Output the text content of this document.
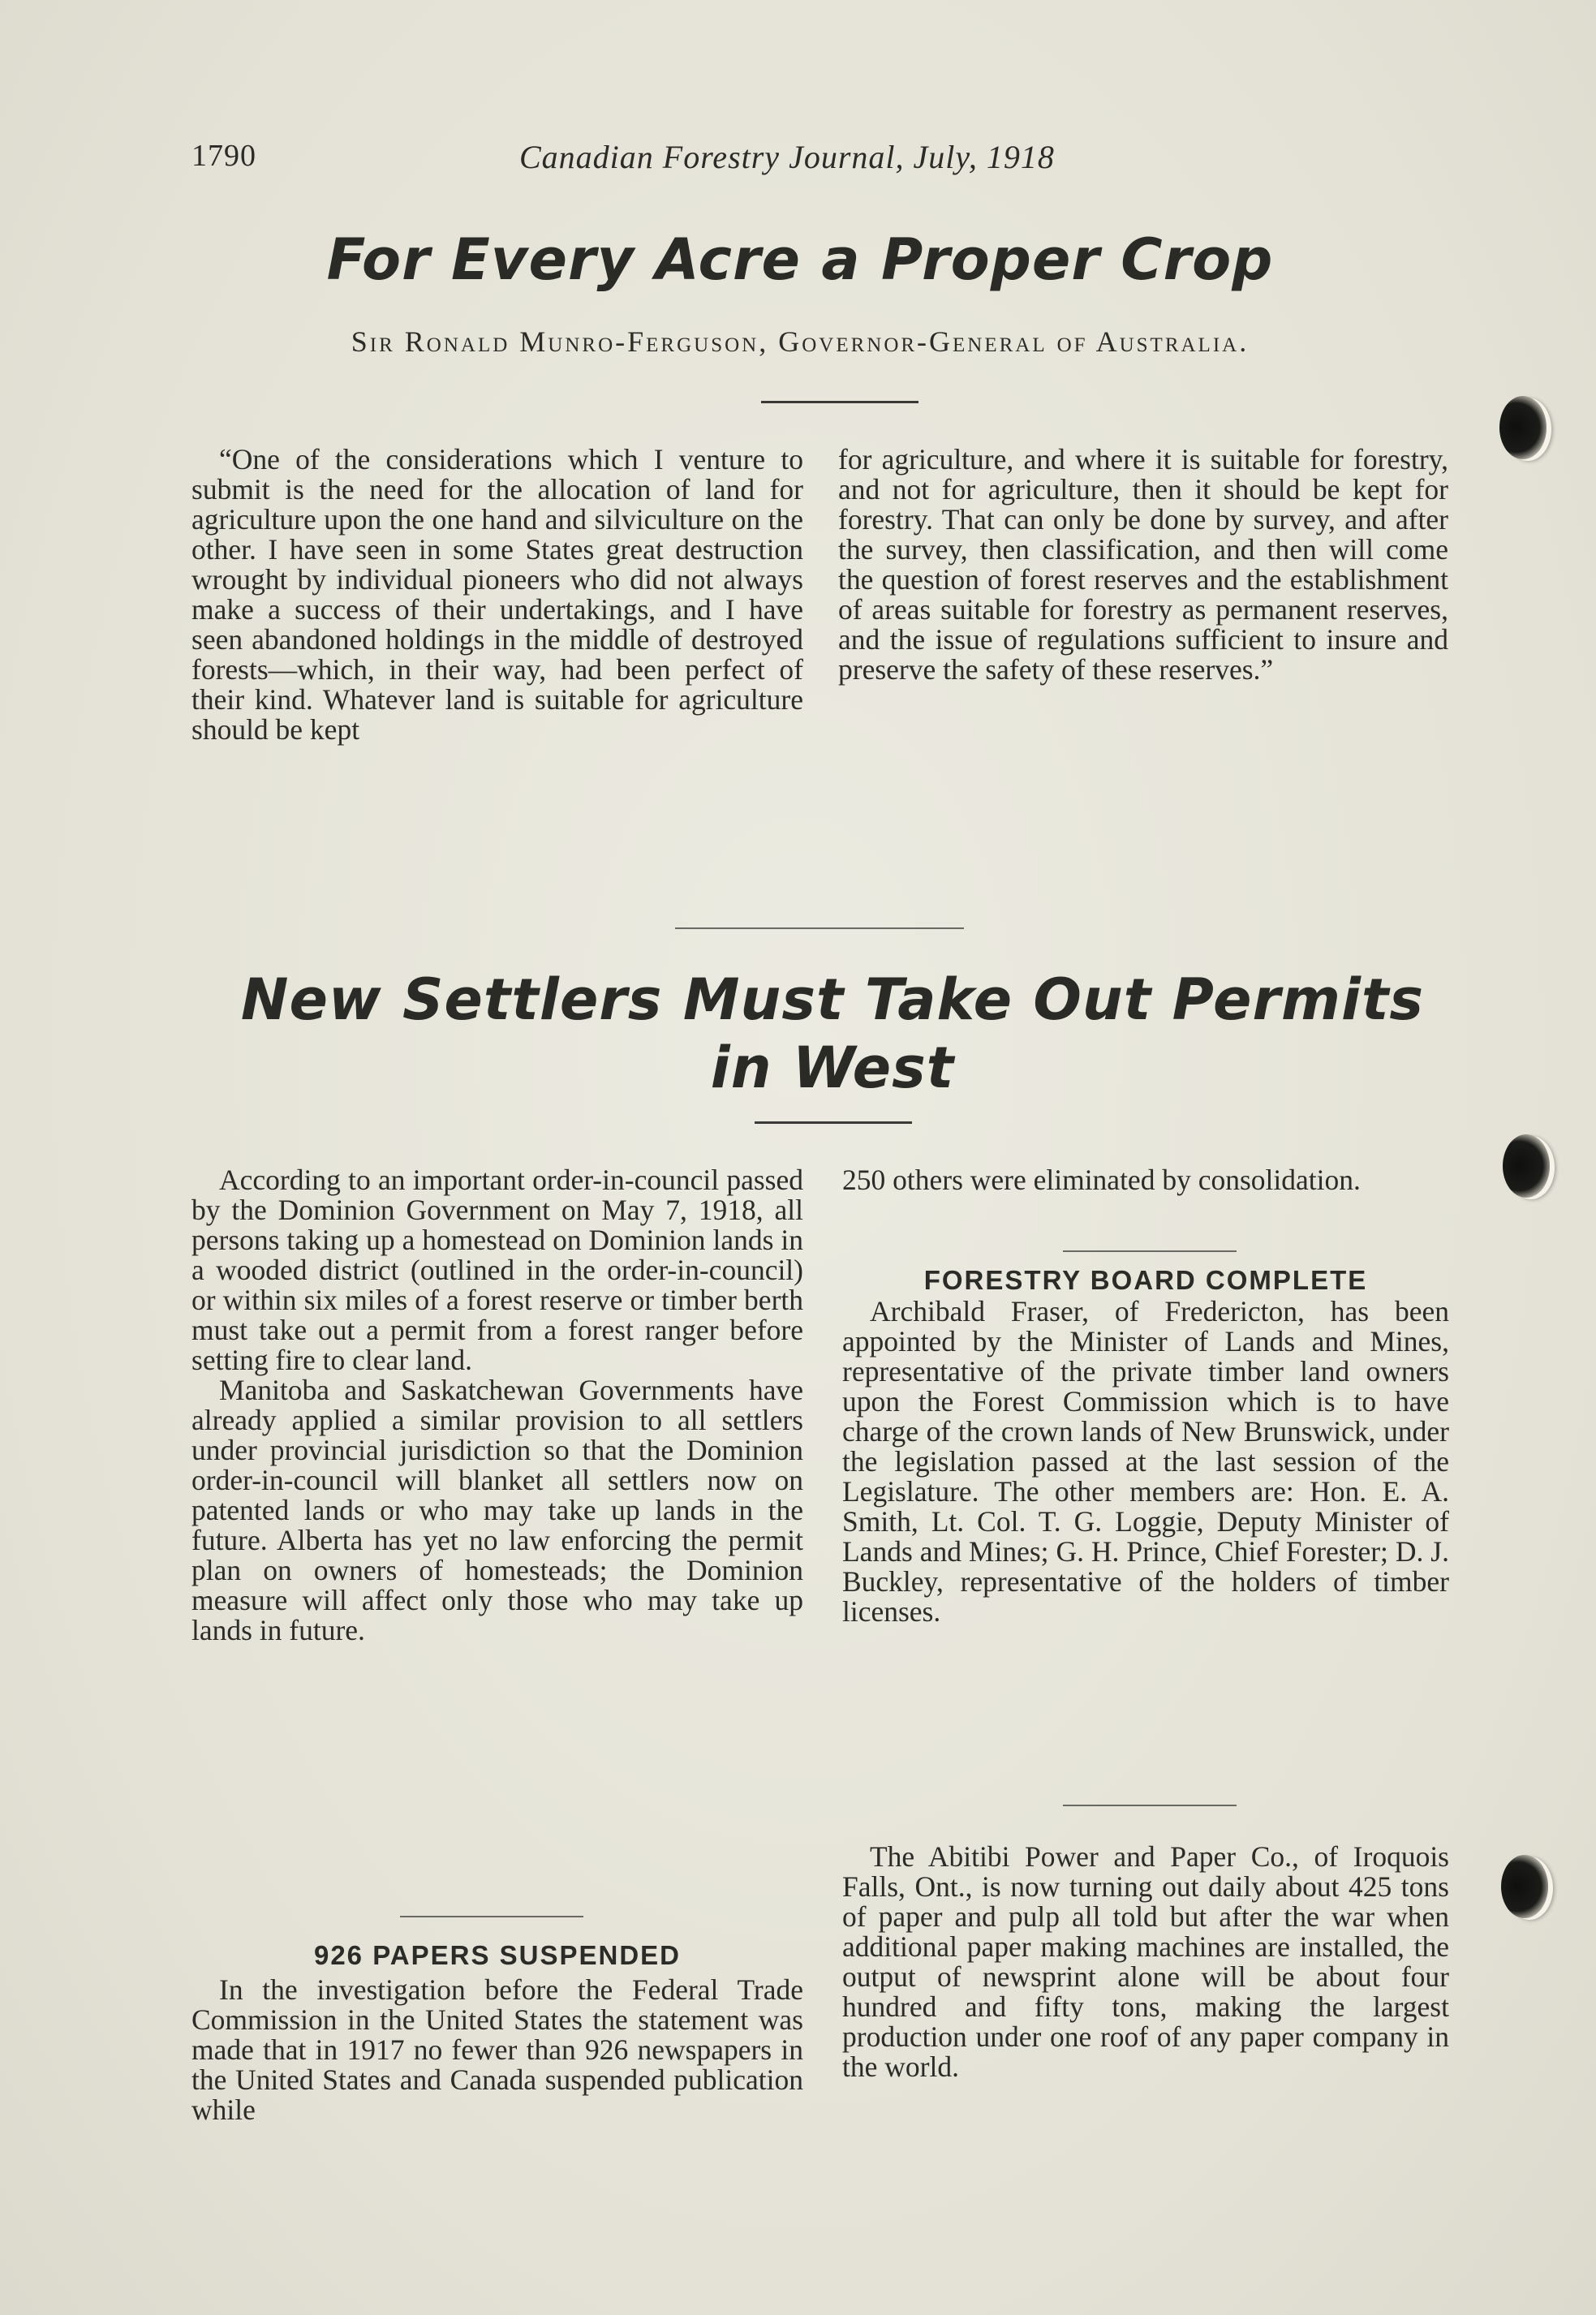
1790	Canadian Forestry Journal, July, 1918
For Every Acre a Proper Crop
Sir Ronald Munro-Ferguson, Governor-General of Australia.

“One of the considerations which I venture to submit is the need for the allocation of land for agriculture upon the one hand and silviculture on the other. I have seen in some States great destruction wrought by individual pioneers who did not always make a success of their undertakings, and I have seen abandoned holdings in the middle of destroyed forests—which, in their way, had been perfect of their kind. Whatever land is suitable for agriculture should be kept

for agriculture, and where it is suitable for forestry, and not for agriculture, then it should be kept for forestry. That can only be done by survey, and after the survey, then classification, and then will come the question of forest reserves and the establishment of areas suitable for forestry as permanent reserves, and the issue of regulations sufficient to insure and preserve the safety of these reserves.”

New Settlers Must Take Out Permits
in West

According to an important order-in-council passed by the Dominion Government on May 7, 1918, all persons taking up a homestead on Dominion lands in a wooded district (outlined in the order-in-council) or within six miles of a forest reserve or timber berth must take out a permit from a forest ranger before setting fire to clear land.

Manitoba and Saskatchewan Governments have already applied a similar provision to all settlers under provincial jurisdiction so that the Dominion order-in-council will blanket all settlers now on patented lands or who may take up lands in the future. Alberta has yet no law enforcing the permit plan on owners of homesteads; the Dominion measure will affect only those who may take up lands in future.

926 PAPERS SUSPENDED

In the investigation before the Federal Trade Commission in the United States the statement was made that in 1917 no fewer than 926 newspapers in the United States and Canada suspended publication while

250 others were eliminated by consolidation.

FORESTRY BOARD COMPLETE

Archibald Fraser, of Fredericton, has been appointed by the Minister of Lands and Mines, representative of the private timber land owners upon the Forest Commission which is to have charge of the crown lands of New Brunswick, under the legislation passed at the last session of the Legislature. The other members are: Hon. E. A. Smith, Lt. Col. T. G. Loggie, Deputy Minister of Lands and Mines; G. H. Prince, Chief Forester; D. J. Buckley, representative of the holders of timber licenses.

The Abitibi Power and Paper Co., of Iroquois Falls, Ont., is now turning out daily about 425 tons of paper and pulp all told but after the war when additional paper making machines are installed, the output of newsprint alone will be about four hundred and fifty tons, making the largest production under one roof of any paper company in the world.
